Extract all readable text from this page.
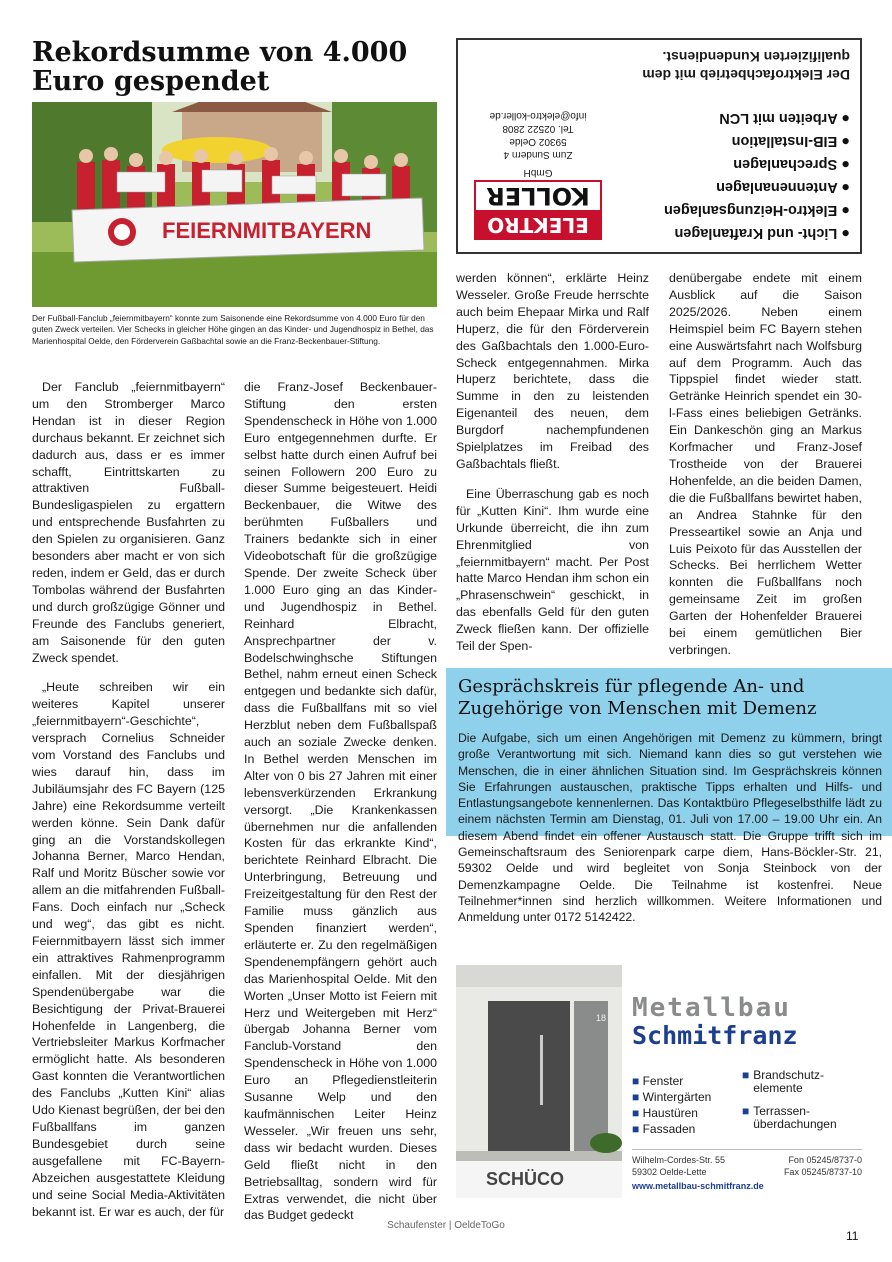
Rekordsumme von 4.000 Euro gespendet
FEIERNMITBAYERN

Der Fußball-Fanclub „feiernmitbayern“ konnte zum Saisonende eine Rekordsumme von 4.000 Euro für den guten Zweck verteilen. Vier Schecks in gleicher Höhe gingen an das Kinder- und Jugendhospiz in Bethel, das Marienhospital Oelde, den Förderverein Gaßbachtal sowie an die Franz-Beckenbauer-Stiftung.

Der Fanclub „feiernmitbayern“ um den Stromberger Marco Hendan ist in dieser Region durchaus bekannt. Er zeichnet sich dadurch aus, dass er es immer schafft, Eintrittskarten zu attraktiven Fußball-Bundesligaspielen zu ergattern und entsprechende Busfahrten zu den Spielen zu organisieren. Ganz besonders aber macht er von sich reden, indem er Geld, das er durch Tombolas während der Busfahrten und durch großzügige Gönner und Freunde des Fanclubs generiert, am Saisonende für den guten Zweck spendet.

„Heute schreiben wir ein weiteres Kapitel unserer „feiernmitbayern“-Geschichte“, versprach Cornelius Schneider vom Vorstand des Fanclubs und wies darauf hin, dass im Jubiläumsjahr des FC Bayern (125 Jahre) eine Rekordsumme verteilt werden könne. Sein Dank dafür ging an die Vorstandskollegen Johanna Berner, Marco Hendan, Ralf und Moritz Büscher sowie vor allem an die mitfahrenden Fußball-Fans. Doch einfach nur „Scheck und weg“, das gibt es nicht. Feiernmitbayern lässt sich immer ein attraktives Rahmenprogramm einfallen. Mit der diesjährigen Spendenübergabe war die Besichtigung der Privat-Brauerei Hohenfelde in Langenberg, die Vertriebsleiter Markus Korfmacher ermöglicht hatte. Als besonderen Gast konnten die Verantwortlichen des Fanclubs „Kutten Kini“ alias Udo Kienast begrüßen, der bei den Fußballfans im ganzen Bundesgebiet durch seine ausgefallene mit FC-Bayern-Abzeichen ausgestattete Kleidung und seine Social Media-Aktivitäten bekannt ist. Er war es auch, der für

die Franz-Josef Beckenbauer-Stiftung den ersten Spendenscheck in Höhe von 1.000 Euro entgegennehmen durfte. Er selbst hatte durch einen Aufruf bei seinen Followern 200 Euro zu dieser Summe beigesteuert. Heidi Beckenbauer, die Witwe des berühmten Fußballers und Trainers bedankte sich in einer Videobotschaft für die großzügige Spende. Der zweite Scheck über 1.000 Euro ging an das Kinder- und Jugendhospiz in Bethel. Reinhard Elbracht, Ansprechpartner der v. Bodelschwinghsche Stiftungen Bethel, nahm erneut einen Scheck entgegen und bedankte sich dafür, dass die Fußballfans mit so viel Herzblut neben dem Fußballspaß auch an soziale Zwecke denken. In Bethel werden Menschen im Alter von 0 bis 27 Jahren mit einer lebensverkürzenden Erkrankung versorgt. „Die Krankenkassen übernehmen nur die anfallenden Kosten für das erkrankte Kind“, berichtete Reinhard Elbracht. Die Unterbringung, Betreuung und Freizeitgestaltung für den Rest der Familie muss gänzlich aus Spenden finanziert werden“, erläuterte er. Zu den regelmäßigen Spendenempfängern gehört auch das Marienhospital Oelde. Mit den Worten „Unser Motto ist Feiern mit Herz und Weitergeben mit Herz“ übergab Johanna Berner vom Fanclub-Vorstand den Spendenscheck in Höhe von 1.000 Euro an Pflegedienstleiterin Susanne Welp und den kaufmännischen Leiter Heinz Wesseler. „Wir freuen uns sehr, dass wir bedacht wurden. Dieses Geld fließt nicht in den Betriebsalltag, sondern wird für Extras verwendet, die nicht über das Budget gedeckt

werden können“, erklärte Heinz Wesseler. Große Freude herrschte auch beim Ehepaar Mirka und Ralf Huperz, die für den Förderverein des Gaßbachtals den 1.000-Euro-Scheck entgegennahmen. Mirka Huperz berichtete, dass die Summe in den zu leistenden Eigenanteil des neuen, dem Burgdorf nachempfundenen Spielplatzes im Freibad des Gaßbachtals fließt.

Eine Überraschung gab es noch für „Kutten Kini“. Ihm wurde eine Urkunde überreicht, die ihn zum Ehrenmitglied von „feiernmitbayern“ macht. Per Post hatte Marco Hendan ihm schon ein „Phrasenschwein“ geschickt, in das ebenfalls Geld für den guten Zweck fließen kann. Der offizielle Teil der Spen-

denübergabe endete mit einem Ausblick auf die Saison 2025/2026. Neben einem Heimspiel beim FC Bayern stehen eine Auswärtsfahrt nach Wolfsburg auf dem Programm. Auch das Tippspiel findet wieder statt. Getränke Heinrich spendet ein 30-l-Fass eines beliebigen Getränks. Ein Dankeschön ging an Markus Korfmacher und Franz-Josef Trostheide von der Brauerei Hohenfelde, an die beiden Damen, die die Fußballfans bewirtet haben, an Andrea Stahnke für den Presseartikel sowie an Anja und Luis Peixoto für das Ausstellen der Schecks. Bei herrlichem Wetter konnten die Fußballfans noch gemeinsame Zeit im großen Garten der Hohenfelder Brauerei bei einem gemütlichen Bier verbringen.

● Licht- und Kraftanlagen
● Elektro-Heizungsanlagen
● Antennenanlagen
● Sprechanlagen
● EIB-Installation
● Arbeiten mit LCN
ELEKTRO
KOLLER
GmbH
Zum Sundern 4
59302 Oelde
Tel. 02522 2808
info@elektro-koller.de
Der Elektrofachbetrieb mit dem qualifizierten Kundendienst.
Gesprächskreis für pflegende An- und Zugehörige von Menschen mit Demenz

Die Aufgabe, sich um einen Angehörigen mit Demenz zu kümmern, bringt große Verantwortung mit sich. Niemand kann dies so gut verstehen wie Menschen, die in einer ähnlichen Situation sind. Im Gesprächskreis können Sie Erfahrungen austauschen, praktische Tipps erhalten und Hilfs- und Entlastungsangebote kennenlernen. Das Kontaktbüro Pflegeselbsthilfe lädt zu einem nächsten Termin am Dienstag, 01. Juli von 17.00 – 19.00 Uhr ein. An diesem Abend findet ein offener Austausch statt. Die Gruppe trifft sich im Gemeinschaftsraum des Seniorenpark carpe diem, Hans-Böckler-Str. 21, 59302 Oelde und wird begleitet von Sonja Steinbock von der Demenzkampagne Oelde. Die Teilnahme ist kostenfrei. Neue Teilnehmer*innen sind herzlich willkommen. Weitere Informationen und Anmeldung unter 0172 5142422.

18
SCHÜCO
Metallbau
Schmitfranz
■ Fenster
■ Wintergärten
■ Haustüren
■ Fassaden
■ Brandschutz-
elemente
■ Terrassen-
überdachungen
Wilhelm-Cordes-Str. 55	Fon 05245/8737-0
59302 Oelde-Lette	Fax 05245/8737-10
www.metallbau-schmitfranz.de
Schaufenster | OeldeToGo
11
